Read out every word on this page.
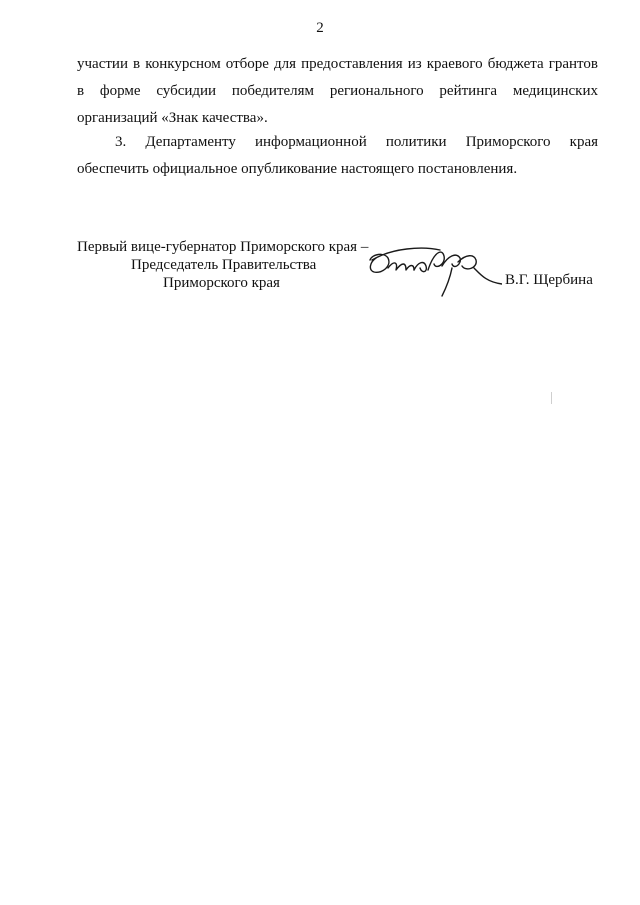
2
участии в конкурсном отборе для предоставления из краевого бюджета грантов
в форме субсидии победителям регионального рейтинга медицинских
организаций «Знак качества».
3. Департаменту информационной политики Приморского края
обеспечить официальное опубликование настоящего постановления.
Первый вице-губернатор Приморского края –
Председатель Правительства
Приморского края	В.Г. Щербина
